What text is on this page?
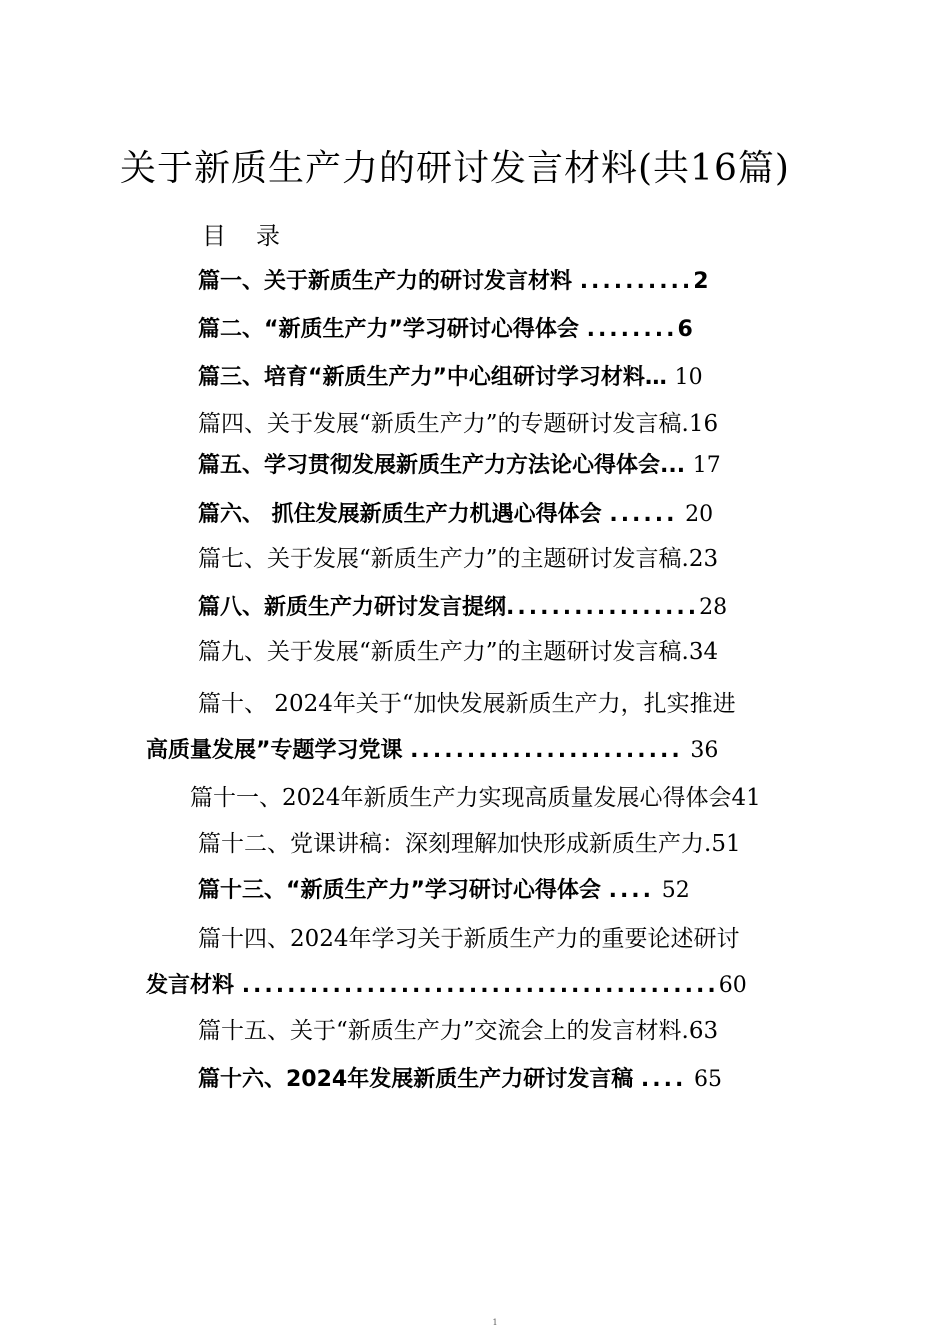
关于新质生产力的研讨发言材料(共16篇)
目 录
篇一、关于新质生产力的研讨发言材料 ..........2
篇二、“新质生产力”学习研讨心得体会 ........6
篇三、培育“新质生产力”中心组研讨学习材料… 10
篇四、关于发展“新质生产力”的专题研讨发言稿.16
篇五、学习贯彻发展新质生产力方法论心得体会... 17
篇六、 抓住发展新质生产力机遇心得体会 ...... 20
篇七、关于发展“新质生产力”的主题研讨发言稿.23
篇八、新质生产力研讨发言提纲.................28
篇九、关于发展“新质生产力”的主题研讨发言稿.34
篇十、 2024年关于“加快发展新质生产力，扎实推进
高质量发展”专题学习党课 ........................ 36
篇十一、2024年新质生产力实现高质量发展心得体会41
篇十二、党课讲稿：深刻理解加快形成新质生产力.51
篇十三、“新质生产力”学习研讨心得体会 .... 52
篇十四、2024年学习关于新质生产力的重要论述研讨
发言材料 ..........................................60
篇十五、关于“新质生产力”交流会上的发言材料.63
篇十六、2024年发展新质生产力研讨发言稿 .... 65
1
